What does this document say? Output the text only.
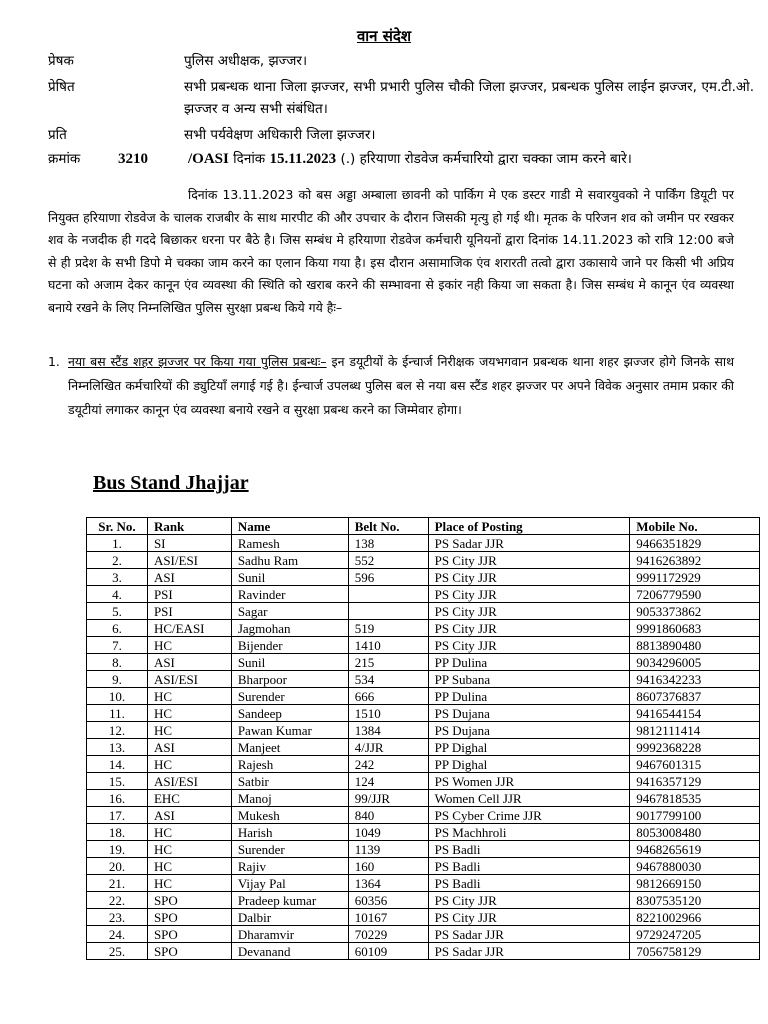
वान संदेश
प्रेषक	पुलिस अधीक्षक, झज्जर।
प्रेषित	सभी प्रबन्धक थाना जिला झज्जर, सभी प्रभारी पुलिस चौकी जिला झज्जर, प्रबन्धक पुलिस लाईन झज्जर, एम.टी.ओ. झज्जर व अन्य सभी संबंधित।
प्रति	सभी पर्यवेक्षण अधिकारी जिला झज्जर।
क्रमांक	3210	/OASI दिनांक 15.11.2023 (.) हरियाणा रोडवेज कर्मचारियो द्वारा चक्का जाम करने बारे।
दिनांक 13.11.2023 को बस अड्डा अम्बाला छावनी को पार्किग मे एक डस्टर गाडी मे सवारयुवको ने पार्किंग डियूटी पर नियुक्त हरियाणा रोडवेज के चालक राजबीर के साथ मारपीट की और उपचार के दौरान जिसकी मृत्यु हो गई थी। मृतक के परिजन शव को जमीन पर रखकर शव के नजदीक ही गददे बिछाकर धरना पर बैठे है। जिस सम्बंध मे हरियाणा रोडवेज कर्मचारी यूनियनों द्वारा दिनांक 14.11.2023 को रात्रि 12:00 बजे से ही प्रदेश के सभी डिपो मे चक्का जाम करने का एलान किया गया है। इस दौरान असामाजिक एंव शरारती तत्वो द्वारा उकासाये जाने पर किसी भी अप्रिय घटना को अजाम देकर कानून एंव व्यवस्था की स्थिति को खराब करने की सम्भावना से इकांर नही किया जा सकता है। जिस सम्बंध मे कानून एंव व्यवस्था बनाये रखने के लिए निम्नलिखित पुलिस सुरक्षा प्रबन्ध किये गये हैः–
1. नया बस स्टैंड शहर झज्जर पर किया गया पुलिस प्रबन्धः– इन डयूटीयों के ईन्चार्ज निरीक्षक जयभगवान प्रबन्धक थाना शहर झज्जर होगे जिनके साथ निम्नलिखित कर्मचारियों की ड्युटियाँ लगाई गई है। ईन्चार्ज उपलब्ध पुलिस बल से नया बस स्टैंड शहर झज्जर पर अपने विवेक अनुसार तमाम प्रकार की डयूटीयां लगाकर कानून एंव व्यवस्था बनाये रखने व सुरक्षा प्रबन्ध करने का जिम्मेवार होगा।
Bus Stand Jhajjar
Sr. No.	Rank	Name	Belt No.	Place of Posting	Mobile No.
1.	SI	Ramesh	138	PS Sadar JJR	9466351829
2.	ASI/ESI	Sadhu Ram	552	PS City JJR	9416263892
3.	ASI	Sunil	596	PS City JJR	9991172929
4.	PSI	Ravinder		PS City JJR	7206779590
5.	PSI	Sagar		PS City JJR	9053373862
6.	HC/EASI	Jagmohan	519	PS City JJR	9991860683
7.	HC	Bijender	1410	PS City JJR	8813890480
8.	ASI	Sunil	215	PP Dulina	9034296005
9.	ASI/ESI	Bharpoor	534	PP Subana	9416342233
10.	HC	Surender	666	PP Dulina	8607376837
11.	HC	Sandeep	1510	PS Dujana	9416544154
12.	HC	Pawan Kumar	1384	PS Dujana	9812111414
13.	ASI	Manjeet	4/JJR	PP Dighal	9992368228
14.	HC	Rajesh	242	PP Dighal	9467601315
15.	ASI/ESI	Satbir	124	PS Women JJR	9416357129
16.	EHC	Manoj	99/JJR	Women Cell JJR	9467818535
17.	ASI	Mukesh	840	PS Cyber Crime JJR	9017799100
18.	HC	Harish	1049	PS Machhroli	8053008480
19.	HC	Surender	1139	PS Badli	9468265619
20.	HC	Rajiv	160	PS Badli	9467880030
21.	HC	Vijay Pal	1364	PS Badli	9812669150
22.	SPO	Pradeep kumar	60356	PS City JJR	8307535120
23.	SPO	Dalbir	10167	PS City JJR	8221002966
24.	SPO	Dharamvir	70229	PS Sadar JJR	9729247205
25.	SPO	Devanand	60109	PS Sadar JJR	7056758129
